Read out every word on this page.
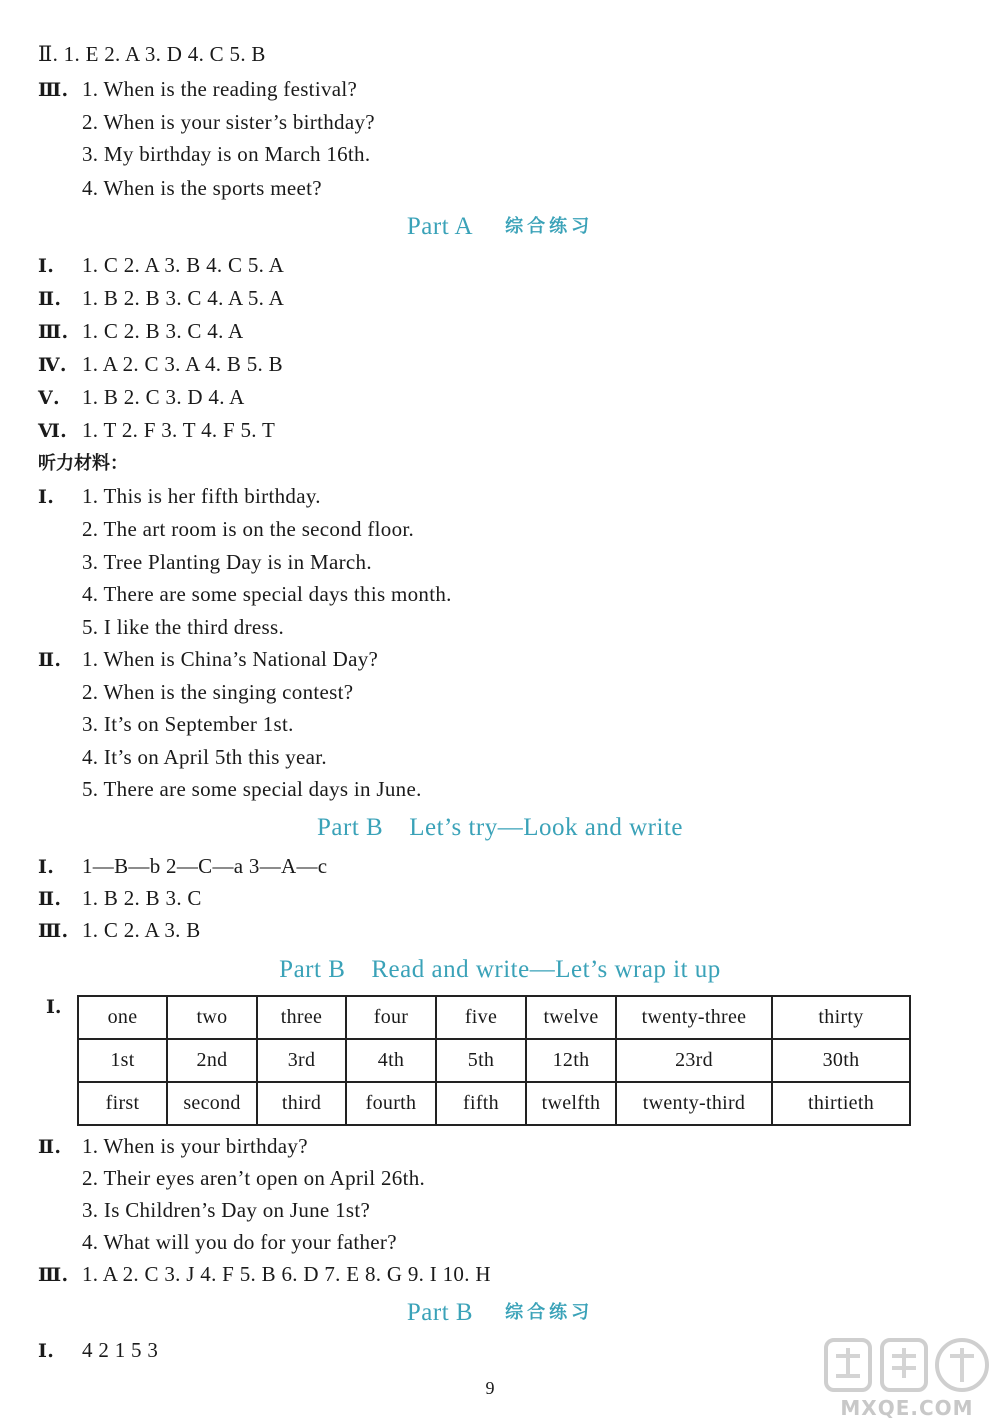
Ⅱ. 1. E 2. A 3. D 4. C 5. B
Ⅲ. 1. When is the reading festival?
2. When is your sister’s birthday?
3. My birthday is on March 16th.
4. When is the sports meet?
Part A 综合练习
Ⅰ. 1. C 2. A 3. B 4. C 5. A
Ⅱ. 1. B 2. B 3. C 4. A 5. A
Ⅲ. 1. C 2. B 3. C 4. A
Ⅳ. 1. A 2. C 3. A 4. B 5. B
Ⅴ. 1. B 2. C 3. D 4. A
Ⅵ. 1. T 2. F 3. T 4. F 5. T
听力材料：
Ⅰ. 1. This is her fifth birthday.
2. The art room is on the second floor.
3. Tree Planting Day is in March.
4. There are some special days this month.
5. I like the third dress.
Ⅱ. 1. When is China’s National Day?
2. When is the singing contest?
3. It’s on September 1st.
4. It’s on April 5th this year.
5. There are some special days in June.
Part B Let’s try—Look and write
Ⅰ. 1—B—b 2—C—a 3—A—c
Ⅱ. 1. B 2. B 3. C
Ⅲ. 1. C 2. A 3. B
Part B Read and write—Let’s wrap it up
Ⅰ. one	two	three	four	five	twelve	twenty-three	thirty
1st	2nd	3rd	4th	5th	12th	23rd	30th
first	second	third	fourth	fifth	twelfth	twenty-third	thirtieth
Ⅱ. 1. When is your birthday?
2. Their eyes aren’t open on April 26th.
3. Is Children’s Day on June 1st?
4. What will you do for your father?
Ⅲ. 1. A 2. C 3. J 4. F 5. B 6. D 7. E 8. G 9. I 10. H
Part B 综合练习
Ⅰ. 4 2 1 5 3
9
MXQE.COM
